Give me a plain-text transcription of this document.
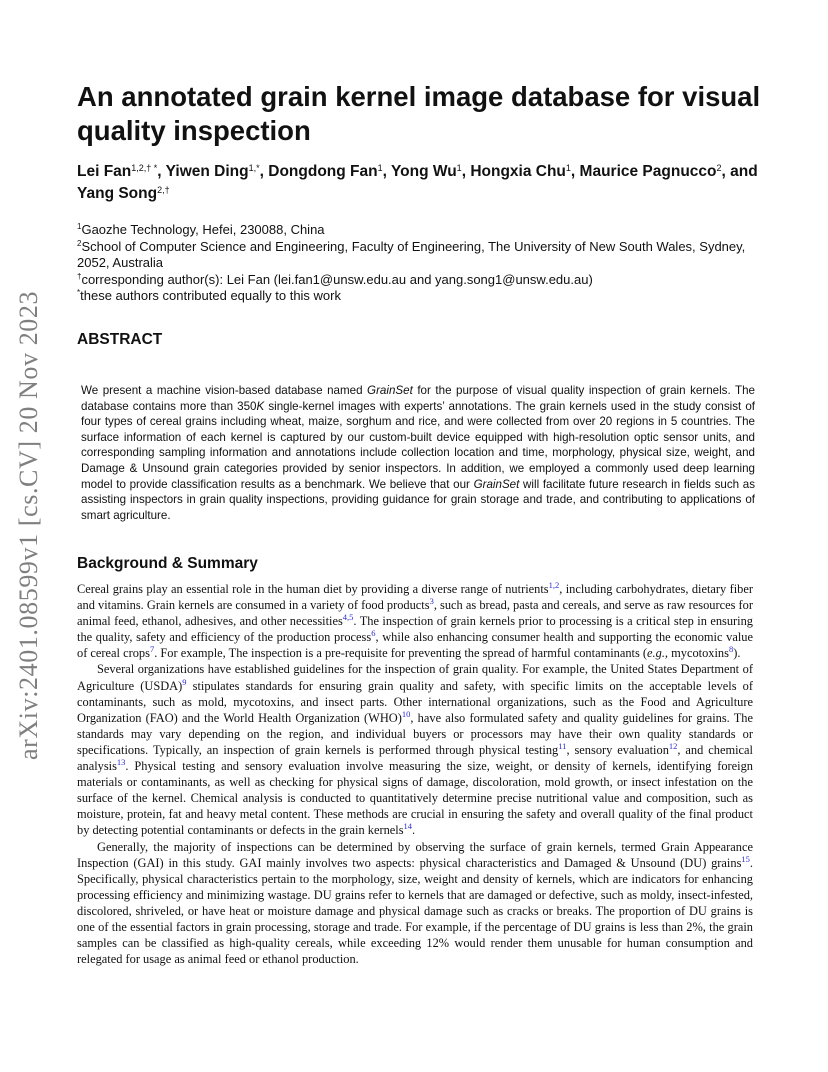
arXiv:2401.08599v1 [cs.CV] 20 Nov 2023
An annotated grain kernel image database for visual quality inspection

Lei Fan$^{1,2,\dagger *}$, Yiwen Ding$^{1,*}$, Dongdong Fan$^1$, Yong Wu$^1$, Hongxia Chu$^1$, Maurice Pagnucco$^2$, and Yang Song$^{2,\dagger}$

$^1$Gaozhe Technology, Hefei, 230088, China
$^2$School of Computer Science and Engineering, Faculty of Engineering, The University of New South Wales, Sydney, 2052, Australia
†corresponding author(s): Lei Fan (lei.fan1@unsw.edu.au and yang.song1@unsw.edu.au)
*these authors contributed equally to this work
ABSTRACT

We present a machine vision-based database named GrainSet for the purpose of visual quality inspection of grain kernels. The database contains more than 350K single-kernel images with experts’ annotations. The grain kernels used in the study consist of four types of cereal grains including wheat, maize, sorghum and rice, and were collected from over 20 regions in 5 countries. The surface information of each kernel is captured by our custom-built device equipped with high-resolution optic sensor units, and corresponding sampling information and annotations include collection location and time, morphology, physical size, weight, and Damage & Unsound grain categories provided by senior inspectors. In addition, we employed a commonly used deep learning model to provide classification results as a benchmark. We believe that our GrainSet will facilitate future research in fields such as assisting inspectors in grain quality inspections, providing guidance for grain storage and trade, and contributing to applications of smart agriculture.

Background & Summary

Cereal grains play an essential role in the human diet by providing a diverse range of nutrients$^{1,2}$, including carbohydrates, dietary fiber and vitamins. Grain kernels are consumed in a variety of food products$^3$, such as bread, pasta and cereals, and serve as raw resources for animal feed, ethanol, adhesives, and other necessities$^{4,5}$. The inspection of grain kernels prior to processing is a critical step in ensuring the quality, safety and efficiency of the production process$^6$, while also enhancing consumer health and supporting the economic value of cereal crops$^7$. For example, The inspection is a pre-requisite for preventing the spread of harmful contaminants (e.g., mycotoxins$^8$).

Several organizations have established guidelines for the inspection of grain quality. For example, the United States Department of Agriculture (USDA)$^9$ stipulates standards for ensuring grain quality and safety, with specific limits on the acceptable levels of contaminants, such as mold, mycotoxins, and insect parts. Other international organizations, such as the Food and Agriculture Organization (FAO) and the World Health Organization (WHO)$^{10}$, have also formulated safety and quality guidelines for grains. The standards may vary depending on the region, and individual buyers or processors may have their own quality standards or specifications. Typically, an inspection of grain kernels is performed through physical testing$^{11}$, sensory evaluation$^{12}$, and chemical analysis$^{13}$. Physical testing and sensory evaluation involve measuring the size, weight, or density of kernels, identifying foreign materials or contaminants, as well as checking for physical signs of damage, discoloration, mold growth, or insect infestation on the surface of the kernel. Chemical analysis is conducted to quantitatively determine precise nutritional value and composition, such as moisture, protein, fat and heavy metal content. These methods are crucial in ensuring the safety and overall quality of the final product by detecting potential contaminants or defects in the grain kernels$^{14}$.

Generally, the majority of inspections can be determined by observing the surface of grain kernels, termed Grain Appearance Inspection (GAI) in this study. GAI mainly involves two aspects: physical characteristics and Damaged & Unsound (DU) grains$^{15}$. Specifically, physical characteristics pertain to the morphology, size, weight and density of kernels, which are indicators for enhancing processing efficiency and minimizing wastage. DU grains refer to kernels that are damaged or defective, such as moldy, insect-infested, discolored, shriveled, or have heat or moisture damage and physical damage such as cracks or breaks. The proportion of DU grains is one of the essential factors in grain processing, storage and trade. For example, if the percentage of DU grains is less than 2%, the grain samples can be classified as high-quality cereals, while exceeding 12% would render them unusable for human consumption and relegated for usage as animal feed or ethanol production.
